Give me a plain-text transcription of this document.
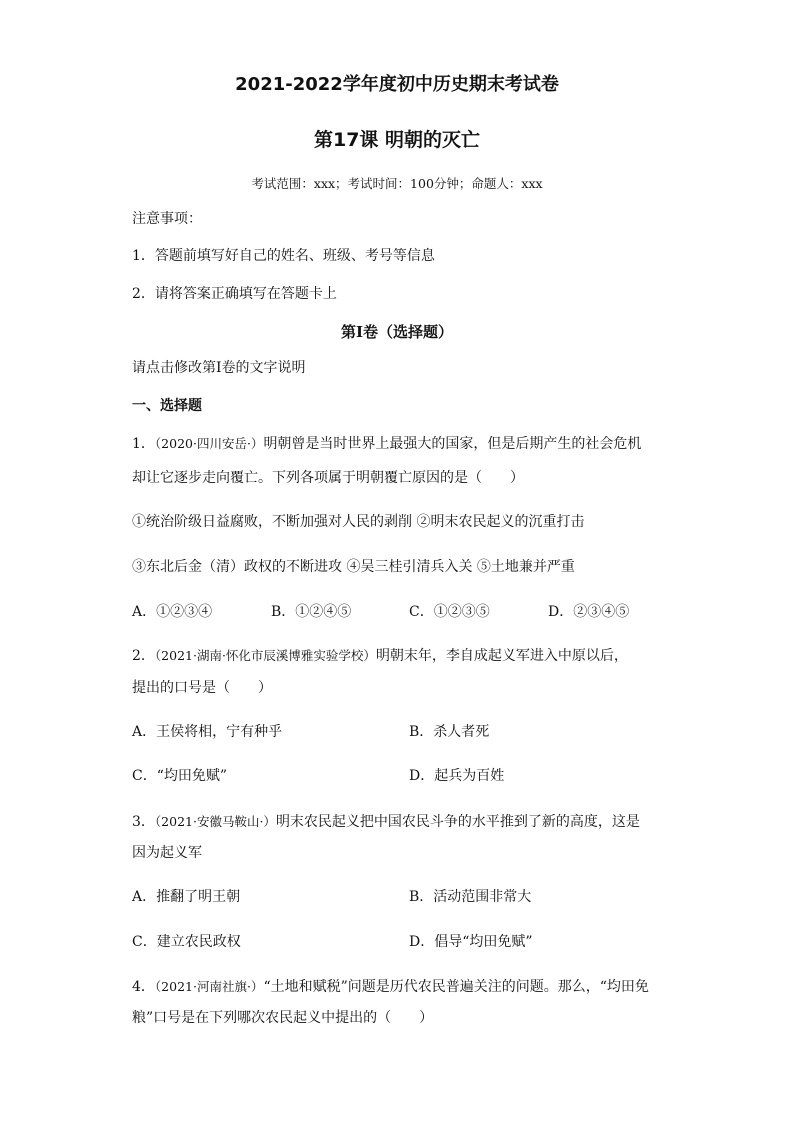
2021-2022学年度初中历史期末考试卷
第17课 明朝的灭亡
考试范围：xxx；考试时间：100分钟；命题人：xxx
注意事项：
1．答题前填写好自己的姓名、班级、考号等信息
2．请将答案正确填写在答题卡上
第I卷（选择题）
请点击修改第I卷的文字说明
一、选择题
1．（2020·四川安岳·）明朝曾是当时世界上最强大的国家，但是后期产生的社会危机
却让它逐步走向覆亡。下列各项属于明朝覆亡原因的是（　　）
①统治阶级日益腐败，不断加强对人民的剥削 ②明末农民起义的沉重打击
③东北后金（清）政权的不断进攻 ④吴三桂引清兵入关 ⑤土地兼并严重
A．①②③④	B．①②④⑤	C．①②③⑤	D．②③④⑤
2．（2021·湖南·怀化市辰溪博雅实验学校）明朝末年，李自成起义军进入中原以后，
提出的口号是（　　）
A．王侯将相，宁有种乎	B．杀人者死
C．“均田免赋”	D．起兵为百姓
3．（2021·安徽马鞍山·）明末农民起义把中国农民斗争的水平推到了新的高度，这是
因为起义军
A．推翻了明王朝	B．活动范围非常大
C．建立农民政权	D．倡导“均田免赋”
4．（2021·河南社旗·）“土地和赋税”问题是历代农民普遍关注的问题。那么，“均田免
粮”口号是在下列哪次农民起义中提出的（　　）
